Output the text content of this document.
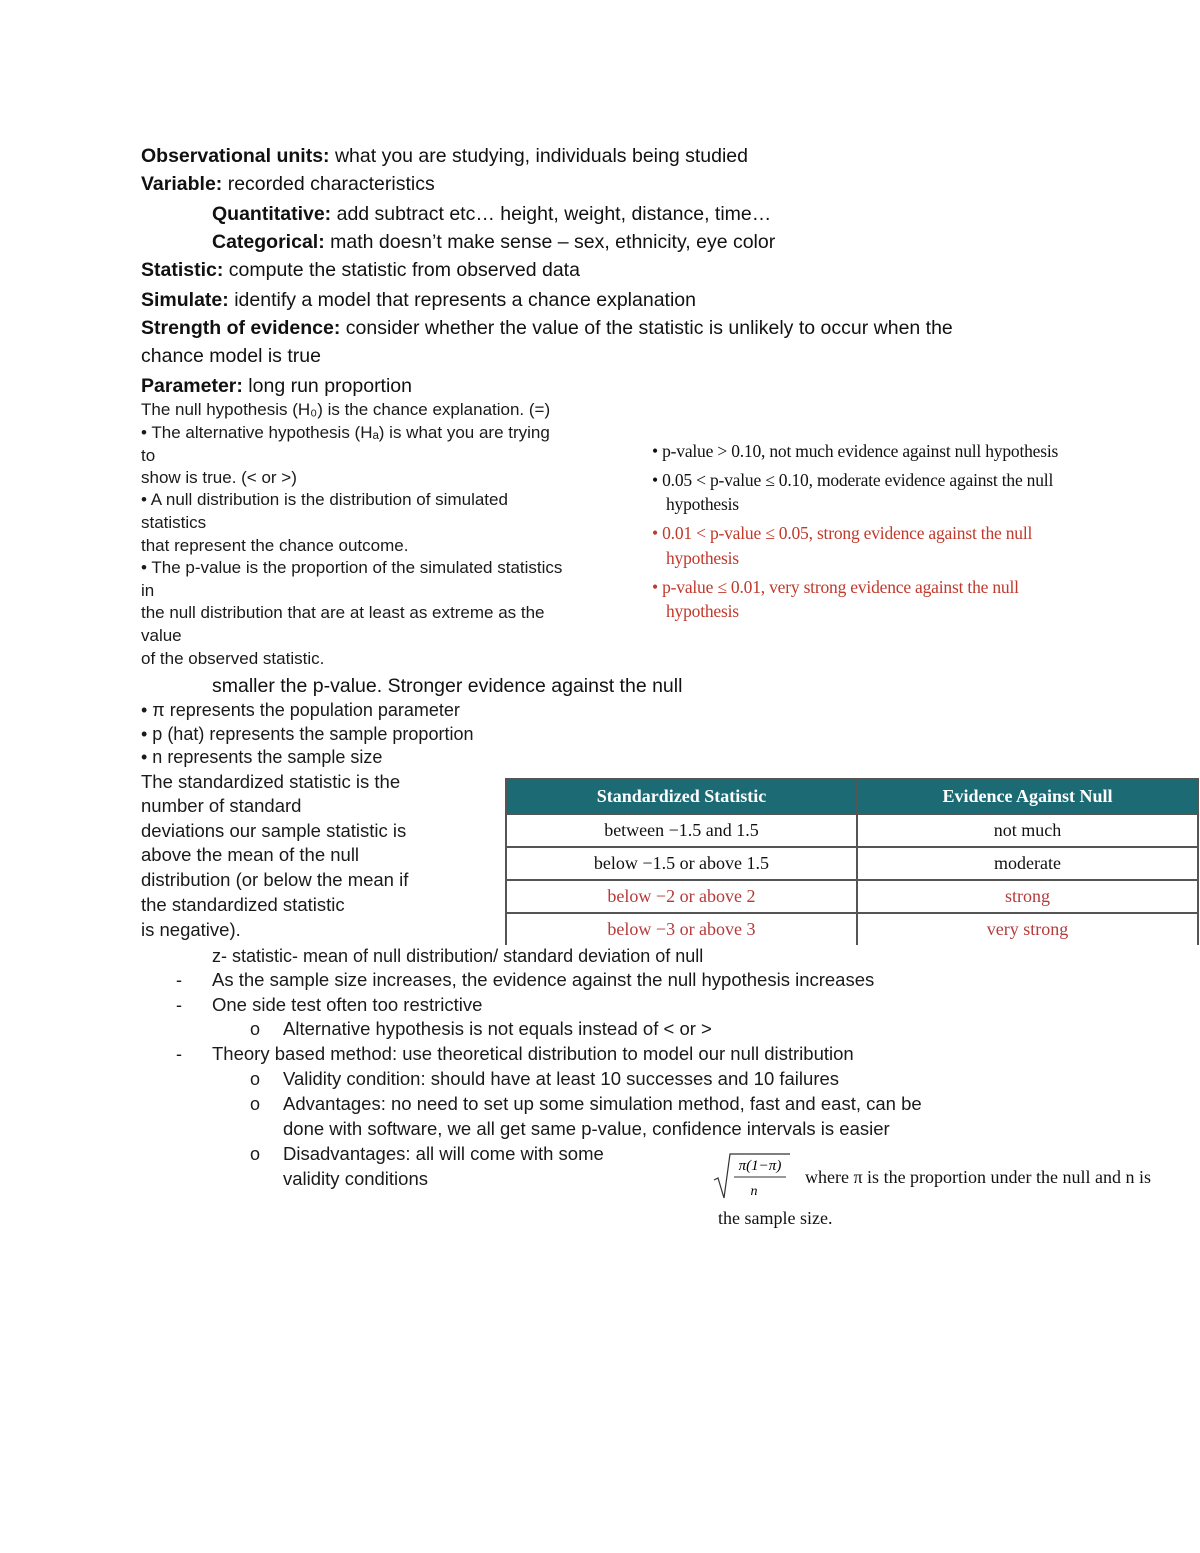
Observational units: what you are studying, individuals being studied
Variable: recorded characteristics
Quantitative: add subtract etc… height, weight, distance, time…
Categorical: math doesn’t make sense – sex, ethnicity, eye color
Statistic: compute the statistic from observed data
Simulate: identify a model that represents a chance explanation
Strength of evidence: consider whether the value of the statistic is unlikely to occur when the
chance model is true
Parameter: long run proportion
The null hypothesis (H₀) is the chance explanation. (=)
• The alternative hypothesis (Hₐ) is what you are trying
to
show is true. (< or >)
• A null distribution is the distribution of simulated
statistics
that represent the chance outcome.
• The p-value is the proportion of the simulated statistics
in
the null distribution that are at least as extreme as the
value
of the observed statistic.
• p-value > 0.10, not much evidence against null hypothesis
• 0.05 < p-value ≤ 0.10, moderate evidence against the null
hypothesis
• 0.01 < p-value ≤ 0.05, strong evidence against the null
hypothesis
• p-value ≤ 0.01, very strong evidence against the null
hypothesis
smaller the p-value. Stronger evidence against the null
• π represents the population parameter
• p (hat) represents the sample proportion
• n represents the sample size
The standardized statistic is the
number of standard
deviations our sample statistic is
above the mean of the null
distribution (or below the mean if
the standardized statistic
is negative).
Standardized Statistic	Evidence Against Null
between −1.5 and 1.5	not much
below −1.5 or above 1.5	moderate
below −2 or above 2	strong
below −3 or above 3	very strong
z- statistic- mean of null distribution/ standard deviation of null
- As the sample size increases, the evidence against the null hypothesis increases
- One side test often too restrictive
o Alternative hypothesis is not equals instead of < or >
- Theory based method: use theoretical distribution to model our null distribution
o Validity condition: should have at least 10 successes and 10 failures
o Advantages: no need to set up some simulation method, fast and east, can be
done with software, we all get same p-value, confidence intervals is easier
o Disadvantages: all will come with some
validity conditions
π(1−π)
n
where π is the proportion under the null and n is
the sample size.
